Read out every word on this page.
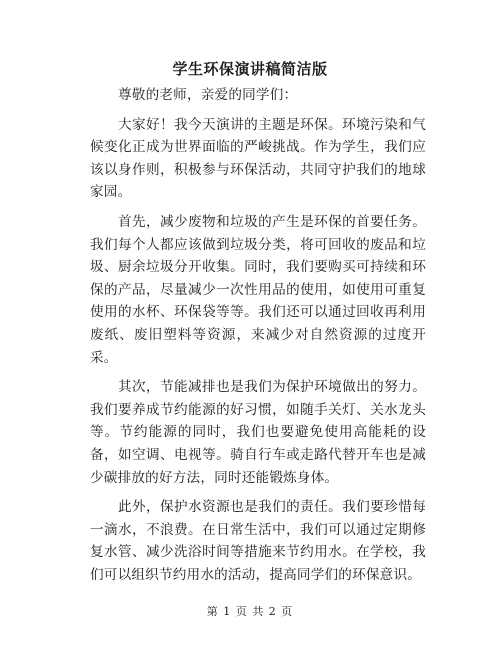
学生环保演讲稿简洁版

尊敬的老师，亲爱的同学们：

大家好！我今天演讲的主题是环保。环境污染和气候变化正成为世界面临的严峻挑战。作为学生，我们应该以身作则，积极参与环保活动，共同守护我们的地球家园。

首先，减少废物和垃圾的产生是环保的首要任务。我们每个人都应该做到垃圾分类，将可回收的废品和垃圾、厨余垃圾分开收集。同时，我们要购买可持续和环保的产品，尽量减少一次性用品的使用，如使用可重复使用的水杯、环保袋等等。我们还可以通过回收再利用废纸、废旧塑料等资源，来减少对自然资源的过度开采。

其次，节能减排也是我们为保护环境做出的努力。我们要养成节约能源的好习惯，如随手关灯、关水龙头等。节约能源的同时，我们也要避免使用高能耗的设备，如空调、电视等。骑自行车或走路代替开车也是减少碳排放的好方法，同时还能锻炼身体。

此外，保护水资源也是我们的责任。我们要珍惜每一滴水，不浪费。在日常生活中，我们可以通过定期修复水管、减少洗浴时间等措施来节约用水。在学校，我们可以组织节约用水的活动，提高同学们的环保意识。

第 1 页 共 2 页
